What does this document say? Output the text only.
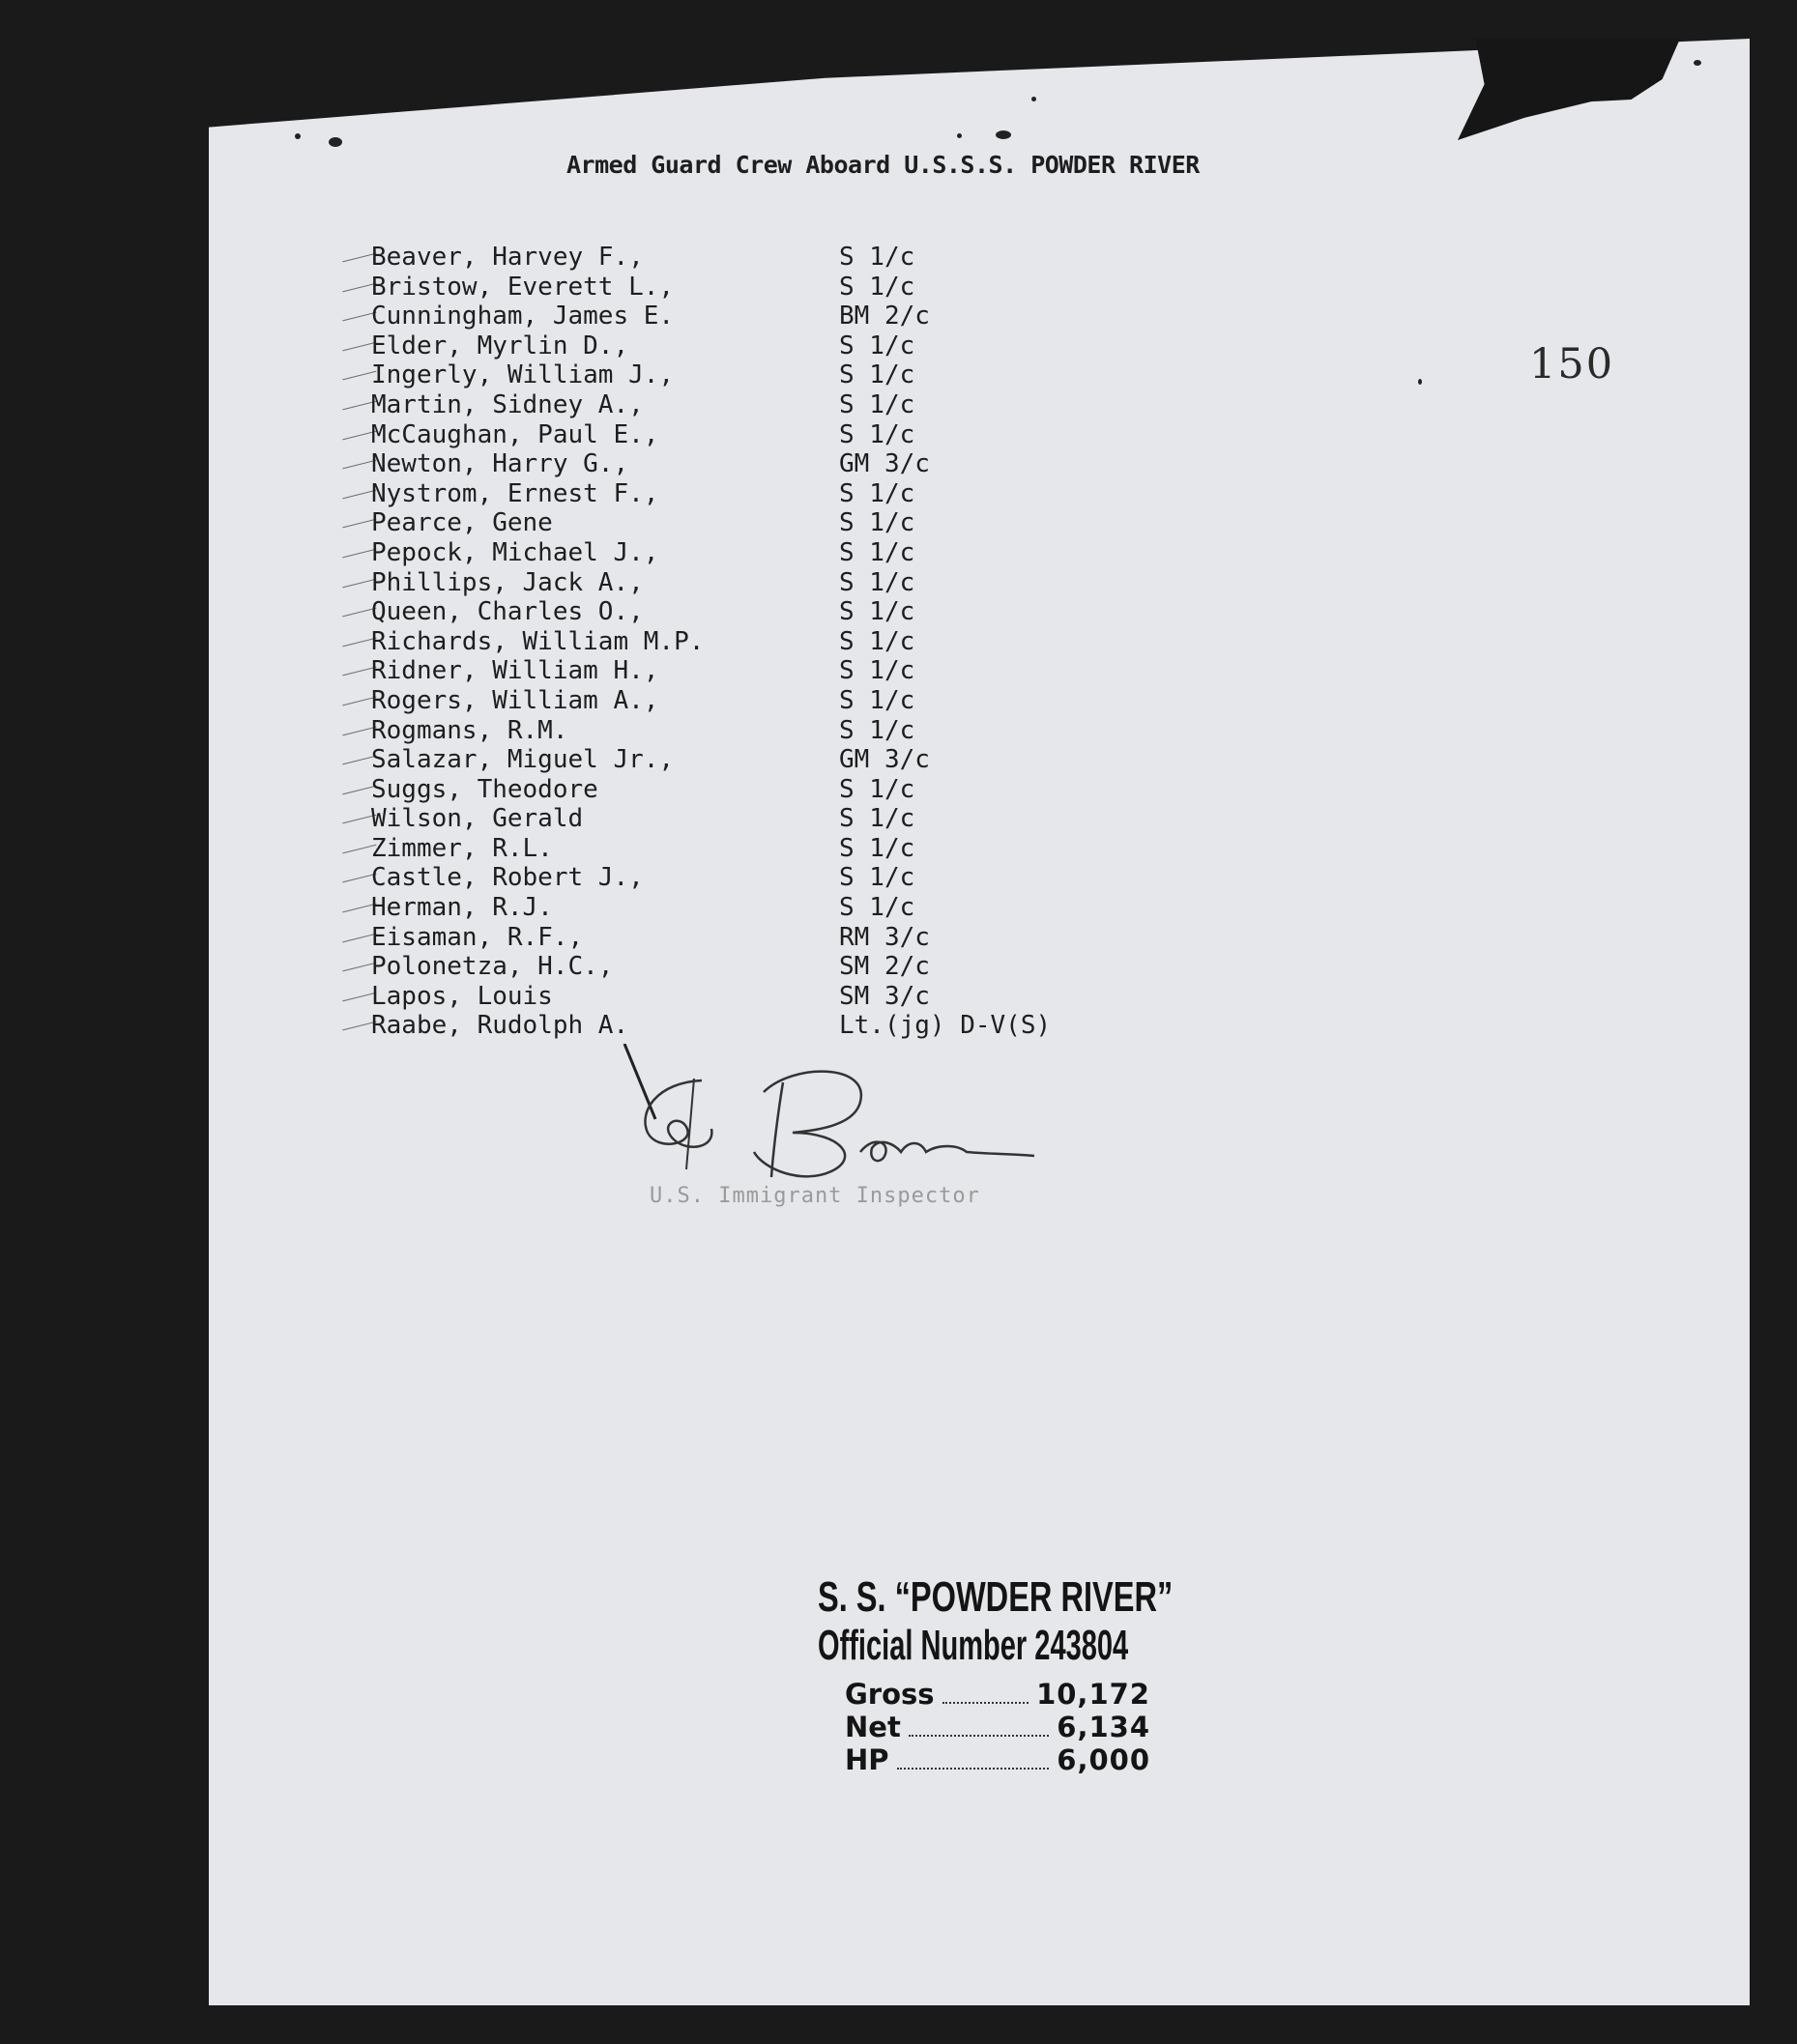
Armed Guard Crew Aboard U.S.S.S. POWDER RIVER
150
Beaver, Harvey F.,	S 1/c
Bristow, Everett L.,	S 1/c
Cunningham, James E.	BM 2/c
Elder, Myrlin D.,	S 1/c
Ingerly, William J.,	S 1/c
Martin, Sidney A.,	S 1/c
McCaughan, Paul E.,	S 1/c
Newton, Harry G.,	GM 3/c
Nystrom, Ernest F.,	S 1/c
Pearce, Gene	S 1/c
Pepock, Michael J.,	S 1/c
Phillips, Jack A.,	S 1/c
Queen, Charles O.,	S 1/c
Richards, William M.P.	S 1/c
Ridner, William H.,	S 1/c
Rogers, William A.,	S 1/c
Rogmans, R.M.	S 1/c
Salazar, Miguel Jr.,	GM 3/c
Suggs, Theodore	S 1/c
Wilson, Gerald	S 1/c
Zimmer, R.L.	S 1/c
Castle, Robert J.,	S 1/c
Herman, R.J.	S 1/c
Eisaman, R.F.,	RM 3/c
Polonetza, H.C.,	SM 2/c
Lapos, Louis	SM 3/c
Raabe, Rudolph A.	Lt.(jg) D-V(S)
U.S. Immigrant Inspector
S. S. “POWDER RIVER”
Official Number 243804
Gross	10,172
Net	6,134
HP	6,000
